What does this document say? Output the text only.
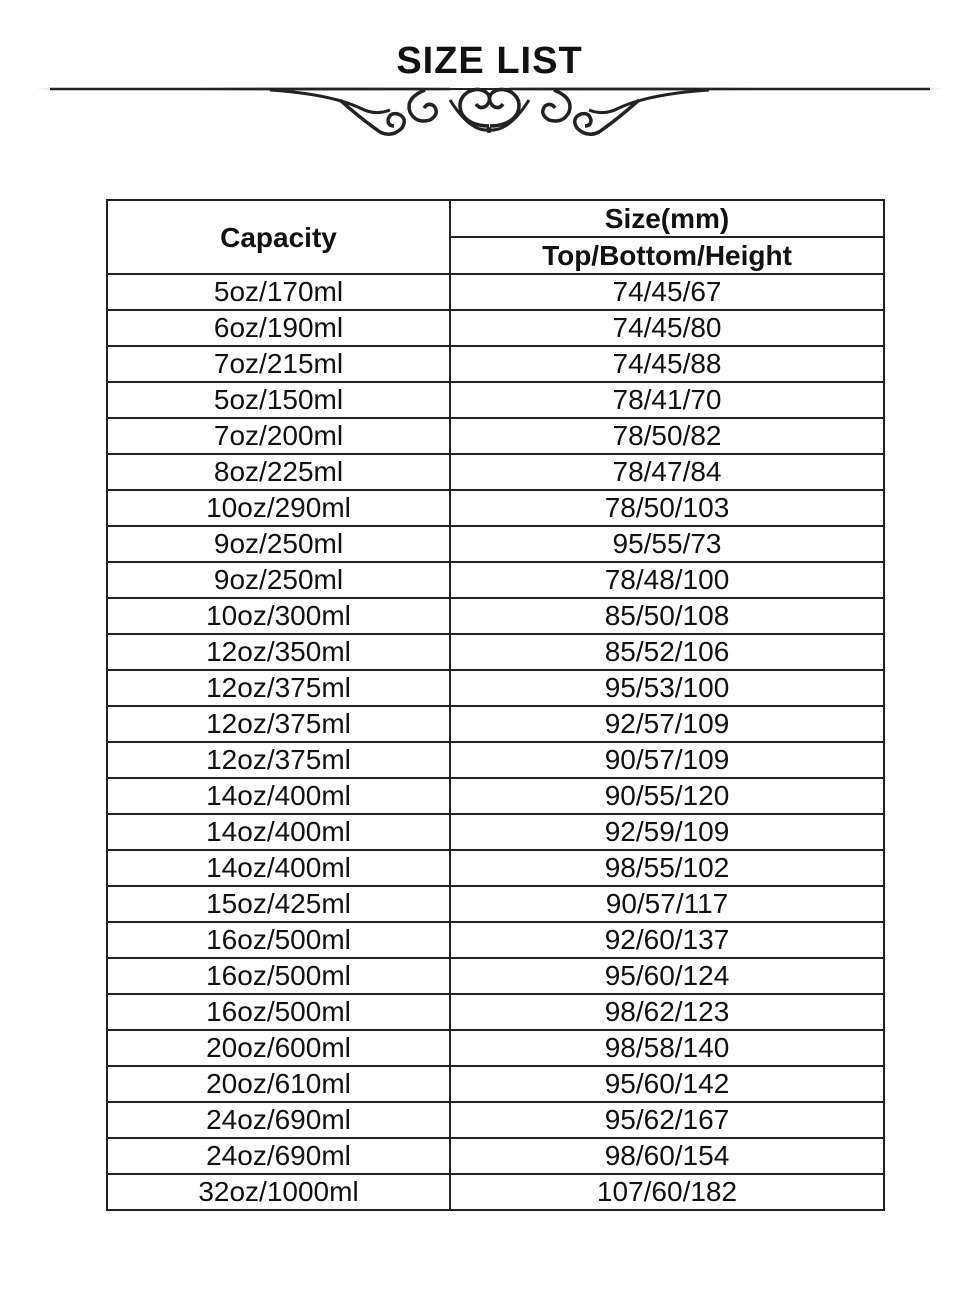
SIZE LIST
Capacity	Size(mm)
	Top/Bottom/Height
5oz/170ml	74/45/67
6oz/190ml	74/45/80
7oz/215ml	74/45/88
5oz/150ml	78/41/70
7oz/200ml	78/50/82
8oz/225ml	78/47/84
10oz/290ml	78/50/103
9oz/250ml	95/55/73
9oz/250ml	78/48/100
10oz/300ml	85/50/108
12oz/350ml	85/52/106
12oz/375ml	95/53/100
12oz/375ml	92/57/109
12oz/375ml	90/57/109
14oz/400ml	90/55/120
14oz/400ml	92/59/109
14oz/400ml	98/55/102
15oz/425ml	90/57/117
16oz/500ml	92/60/137
16oz/500ml	95/60/124
16oz/500ml	98/62/123
20oz/600ml	98/58/140
20oz/610ml	95/60/142
24oz/690ml	95/62/167
24oz/690ml	98/60/154
32oz/1000ml	107/60/182
